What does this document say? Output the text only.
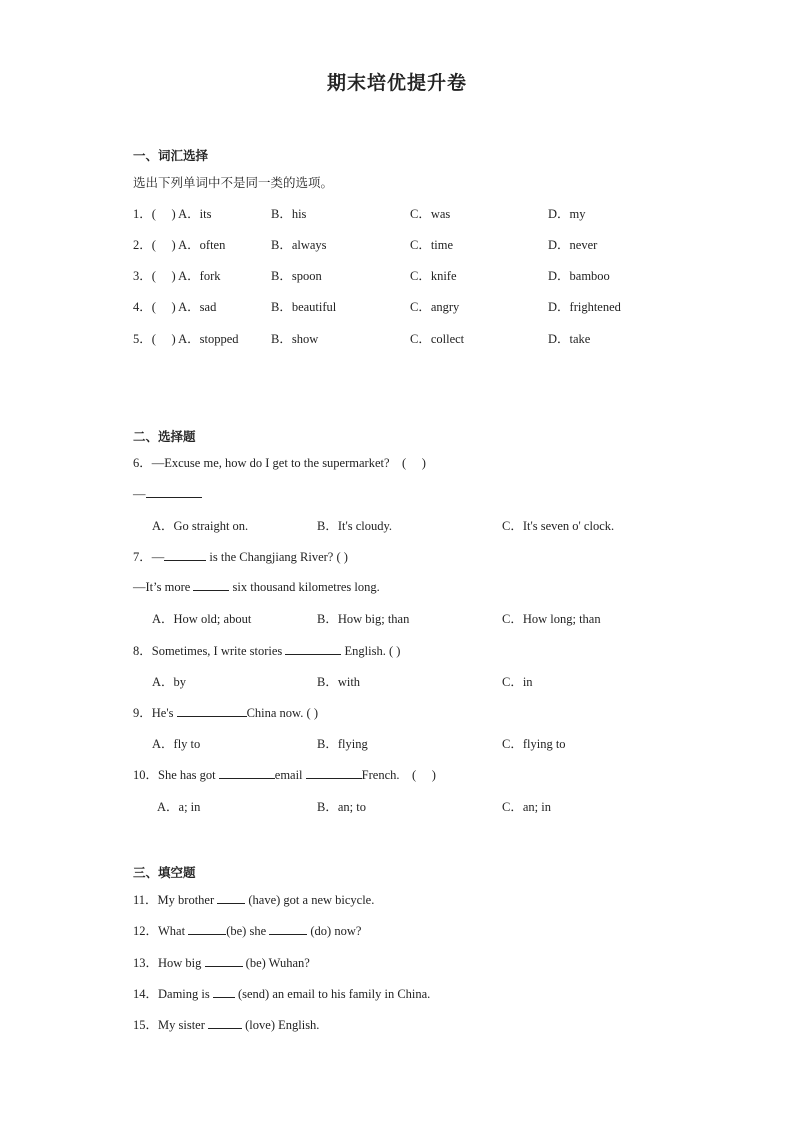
期末培优提升卷
一、词汇选择
选出下列单词中不是同一类的选项。
1．(　 ) A．its	B．his	C．was	D．my
2．(　 ) A．often	B．always	C．time	D．never
3．(　 ) A．fork	B．spoon	C．knife	D．bamboo
4．(　 ) A．sad	B．beautiful	C．angry	D．frightened
5．(　 ) A．stopped	B．show	C．collect	D．take
二、选择题
6．—Excuse me, how do I get to the supermarket?　(　 )
—
A．Go straight on.	B．It's cloudy.	C．It's seven o' clock.
7．—	is the Changjiang River? ( )
—It’s more	six thousand kilometres long.
A．How old; about	B．How big; than	C．How long; than
8．Sometimes, I write stories	English. ( )
A．by	B．with	C．in
9．He's	China now. ( )
A．fly to	B．flying	C．flying to
10．She has got	email	French.　(　 )
A．a; in	B．an; to	C．an; in
三、填空题
11．My brother  (have) got a new bicycle.
12．What	(be) she	(do) now?
13．How big	(be) Wuhan?
14．Daming is  (send) an email to his family in China.
15．My sister	(love) English.
